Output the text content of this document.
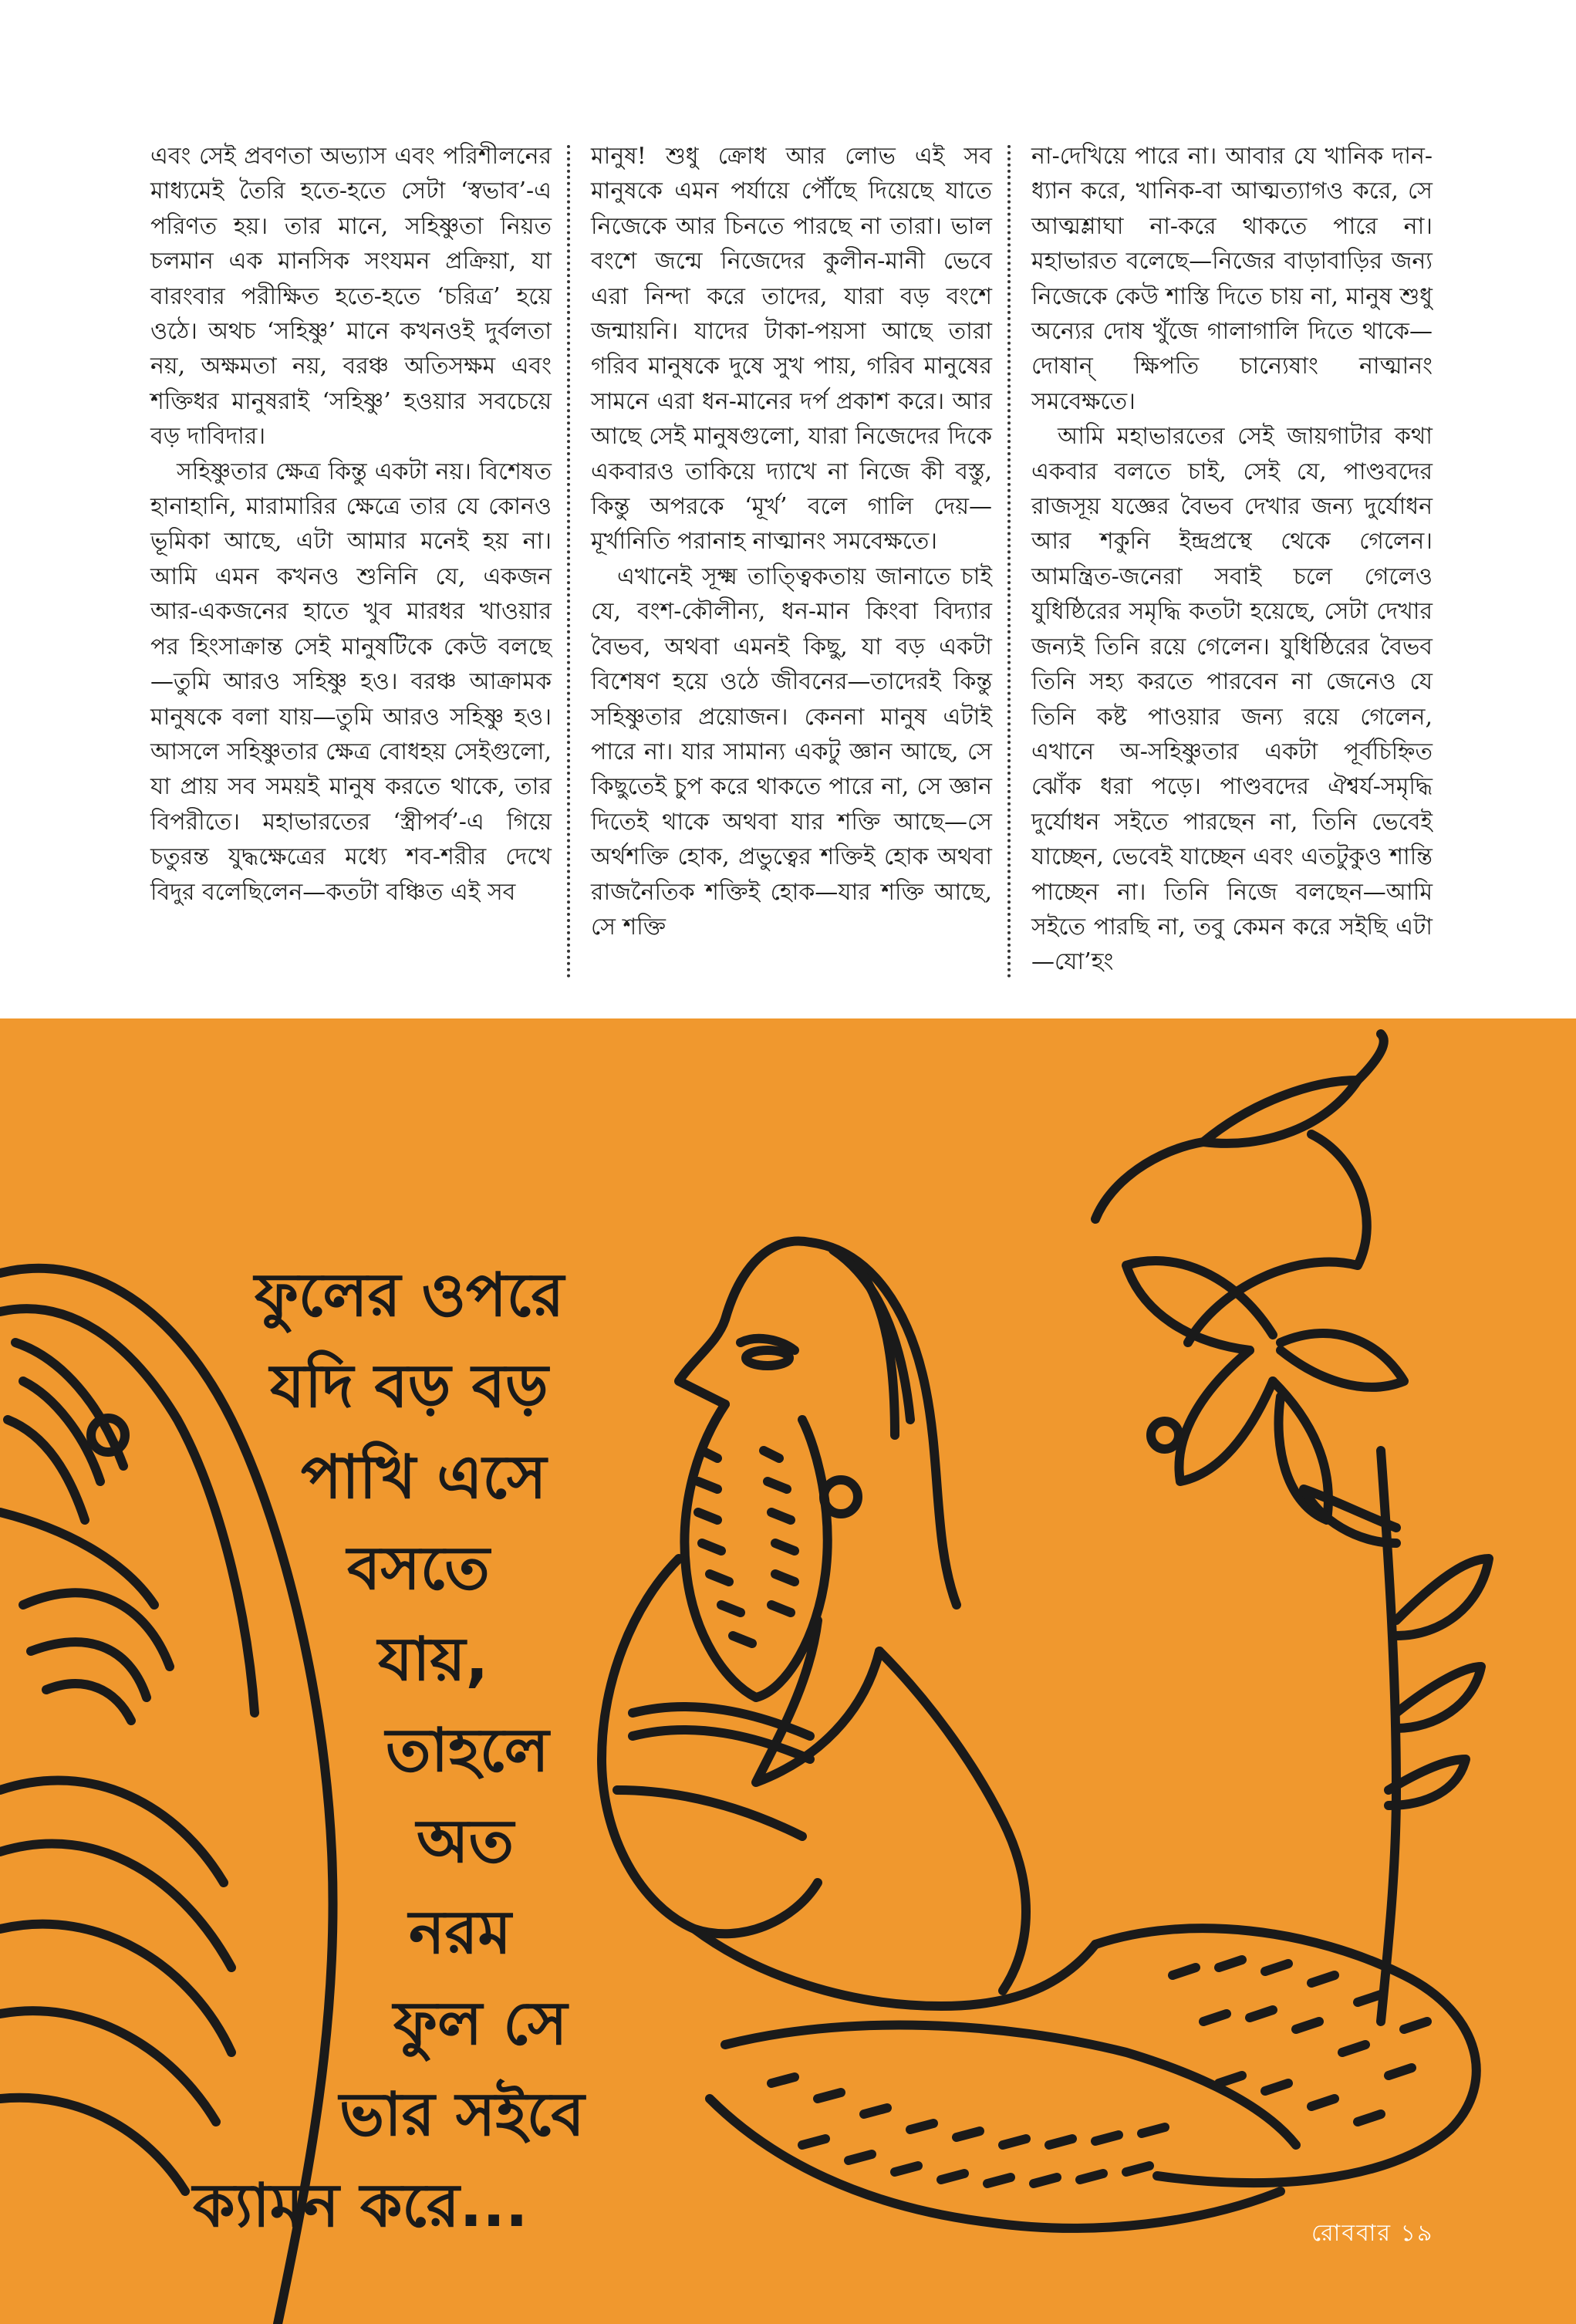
এবং সেই প্রবণতা অভ্যাস এবং পরিশীলনের মাধ্যমেই তৈরি হতে-হতে সেটা ‘স্বভাব’-এ পরিণত হয়। তার মানে, সহিষ্ণুতা নিয়ত চলমান এক মানসিক সংযমন প্রক্রিয়া, যা বারংবার পরীক্ষিত হতে-হতে ‘চরিত্র’ হয়ে ওঠে। অথচ ‘সহিষ্ণু’ মানে কখনওই দুর্বলতা নয়, অক্ষমতা নয়, বরঞ্চ অতিসক্ষম এবং শক্তিধর মানুষরাই ‘সহিষ্ণু’ হওয়ার সবচেয়ে বড় দাবিদার।

সহিষ্ণুতার ক্ষেত্র কিন্তু একটা নয়। বিশেষত হানাহানি, মারামারির ক্ষেত্রে তার যে কোনও ভূমিকা আছে, এটা আমার মনেই হয় না। আমি এমন কখনও শুনিনি যে, একজন আর-একজনের হাতে খুব মারধর খাওয়ার পর হিংসাক্রান্ত সেই মানুষটিকে কেউ বলছে—তুমি আরও সহিষ্ণু হও। বরঞ্চ আক্রামক মানুষকে বলা যায়—তুমি আরও সহিষ্ণু হও। আসলে সহিষ্ণুতার ক্ষেত্র বোধহয় সেইগুলো, যা প্রায় সব সময়ই মানুষ করতে থাকে, তার বিপরীতে। মহাভারতের ‘স্ত্রীপর্ব’-এ গিয়ে চতুরন্ত যুদ্ধক্ষেত্রের মধ্যে শব-শরীর দেখে বিদুর বলেছিলেন—কতটা বঞ্চিত এই সব

মানুষ! শুধু ক্রোধ আর লোভ এই সব মানুষকে এমন পর্যায়ে পৌঁছে দিয়েছে যাতে নিজেকে আর চিনতে পারছে না তারা। ভাল বংশে জন্মে নিজেদের কুলীন-মানী ভেবে এরা নিন্দা করে তাদের, যারা বড় বংশে জন্মায়নি। যাদের টাকা-পয়সা আছে তারা গরিব মানুষকে দুষে সুখ পায়, গরিব মানুষের সামনে এরা ধন-মানের দর্প প্রকাশ করে। আর আছে সেই মানুষগুলো, যারা নিজেদের দিকে একবারও তাকিয়ে দ্যাখে না নিজে কী বস্তু, কিন্তু অপরকে ‘মূর্খ’ বলে গালি দেয়—মূর্খানিতি পরানাহ নাত্মানং সমবেক্ষতে।

এখানেই সূক্ষ্ম তাত্ত্বিকতায় জানাতে চাই যে, বংশ-কৌলীন্য, ধন-মান কিংবা বিদ্যার বৈভব, অথবা এমনই কিছু, যা বড় একটা বিশেষণ হয়ে ওঠে জীবনের—তাদেরই কিন্তু সহিষ্ণুতার প্রয়োজন। কেননা মানুষ এটাই পারে না। যার সামান্য একটু জ্ঞান আছে, সে কিছুতেই চুপ করে থাকতে পারে না, সে জ্ঞান দিতেই থাকে অথবা যার শক্তি আছে—সে অর্থশক্তি হোক, প্রভুত্বের শক্তিই হোক অথবা রাজনৈতিক শক্তিই হোক—যার শক্তি আছে, সে শক্তি

না-দেখিয়ে পারে না। আবার যে খানিক দান-ধ্যান করে, খানিক-বা আত্মত্যাগও করে, সে আত্মশ্লাঘা না-করে থাকতে পারে না। মহাভারত বলেছে—নিজের বাড়াবাড়ির জন্য নিজেকে কেউ শাস্তি দিতে চায় না, মানুষ শুধু অন্যের দোষ খুঁজে গালাগালি দিতে থাকে—দোষান্ ক্ষিপতি চান্যেষাং নাত্মানং সমবেক্ষতে।

আমি মহাভারতের সেই জায়গাটার কথা একবার বলতে চাই, সেই যে, পাণ্ডবদের রাজসূয় যজ্ঞের বৈভব দেখার জন্য দুর্যোধন আর শকুনি ইন্দ্রপ্রস্থে থেকে গেলেন। আমন্ত্রিত-জনেরা সবাই চলে গেলেও যুধিষ্ঠিরের সমৃদ্ধি কতটা হয়েছে, সেটা দেখার জন্যই তিনি রয়ে গেলেন। যুধিষ্ঠিরের বৈভব তিনি সহ্য করতে পারবেন না জেনেও যে তিনি কষ্ট পাওয়ার জন্য রয়ে গেলেন, এখানে অ-সহিষ্ণুতার একটা পূর্বচিহ্নিত ঝোঁক ধরা পড়ে। পাণ্ডবদের ঐশ্বর্য-সমৃদ্ধি দুর্যোধন সইতে পারছেন না, তিনি ভেবেই যাচ্ছেন, ভেবেই যাচ্ছেন এবং এতটুকুও শান্তি পাচ্ছেন না। তিনি নিজে বলছেন—আমি সইতে পারছি না, তবু কেমন করে সইছি এটা—যো’হং

ফুলের ওপরে
যদি বড় বড়
পাখি এসে
বসতে
যায়,
তাহলে
অত
নরম
ফুল সে
ভার সইবে
ক্যামন করে...	রোববার ১৯
